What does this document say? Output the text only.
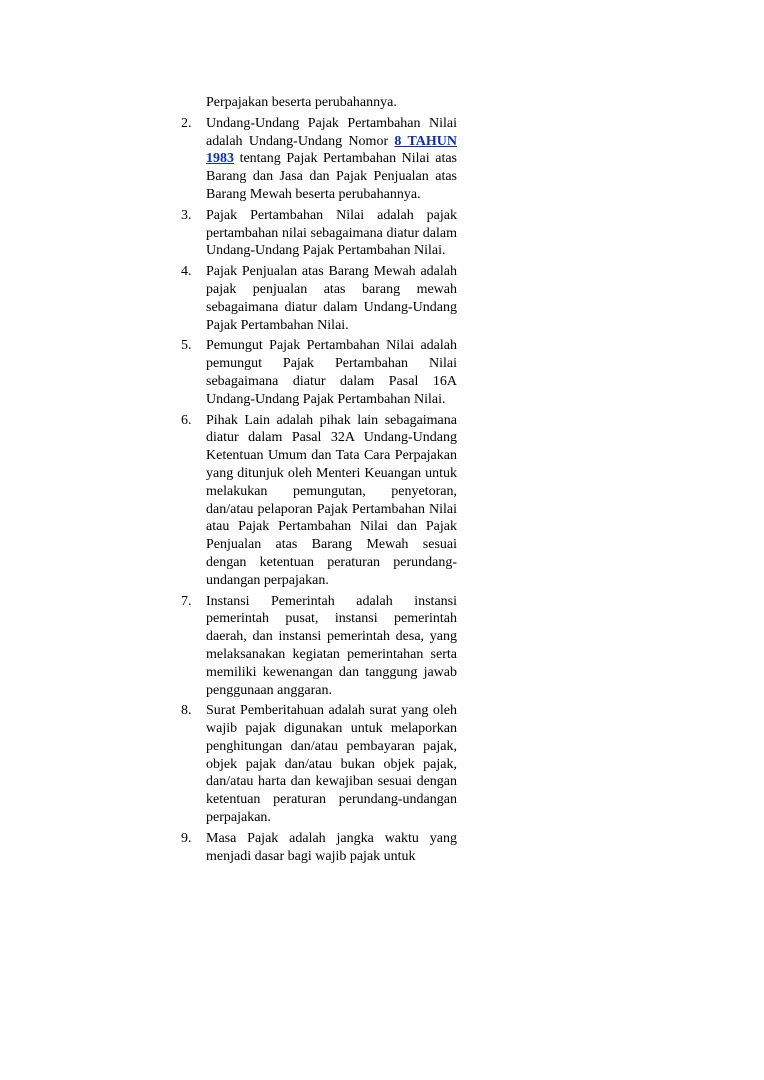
Perpajakan beserta perubahannya.

2.	Undang-Undang Pajak Pertambahan Nilai adalah Undang-Undang Nomor 8 TAHUN 1983 tentang Pajak Pertambahan Nilai atas Barang dan Jasa dan Pajak Penjualan atas Barang Mewah beserta perubahannya.
3.	Pajak Pertambahan Nilai adalah pajak pertambahan nilai sebagaimana diatur dalam Undang-Undang Pajak Pertambahan Nilai.
4.	Pajak Penjualan atas Barang Mewah adalah pajak penjualan atas barang mewah sebagaimana diatur dalam Undang-Undang Pajak Pertambahan Nilai.
5.	Pemungut Pajak Pertambahan Nilai adalah pemungut Pajak Pertambahan Nilai sebagaimana diatur dalam Pasal 16A Undang-Undang Pajak Pertambahan Nilai.
6.	Pihak Lain adalah pihak lain sebagaimana diatur dalam Pasal 32A Undang-Undang Ketentuan Umum dan Tata Cara Perpajakan yang ditunjuk oleh Menteri Keuangan untuk melakukan pemungutan, penyetoran, dan/atau pelaporan Pajak Pertambahan Nilai atau Pajak Pertambahan Nilai dan Pajak Penjualan atas Barang Mewah sesuai dengan ketentuan peraturan perundang-undangan perpajakan.
7.	Instansi Pemerintah adalah instansi pemerintah pusat, instansi pemerintah daerah, dan instansi pemerintah desa, yang melaksanakan kegiatan pemerintahan serta memiliki kewenangan dan tanggung jawab penggunaan anggaran.
8.	Surat Pemberitahuan adalah surat yang oleh wajib pajak digunakan untuk melaporkan penghitungan dan/atau pembayaran pajak, objek pajak dan/atau bukan objek pajak, dan/atau harta dan kewajiban sesuai dengan ketentuan peraturan perundang-undangan perpajakan.
9.	Masa Pajak adalah jangka waktu yang menjadi dasar bagi wajib pajak untuk
